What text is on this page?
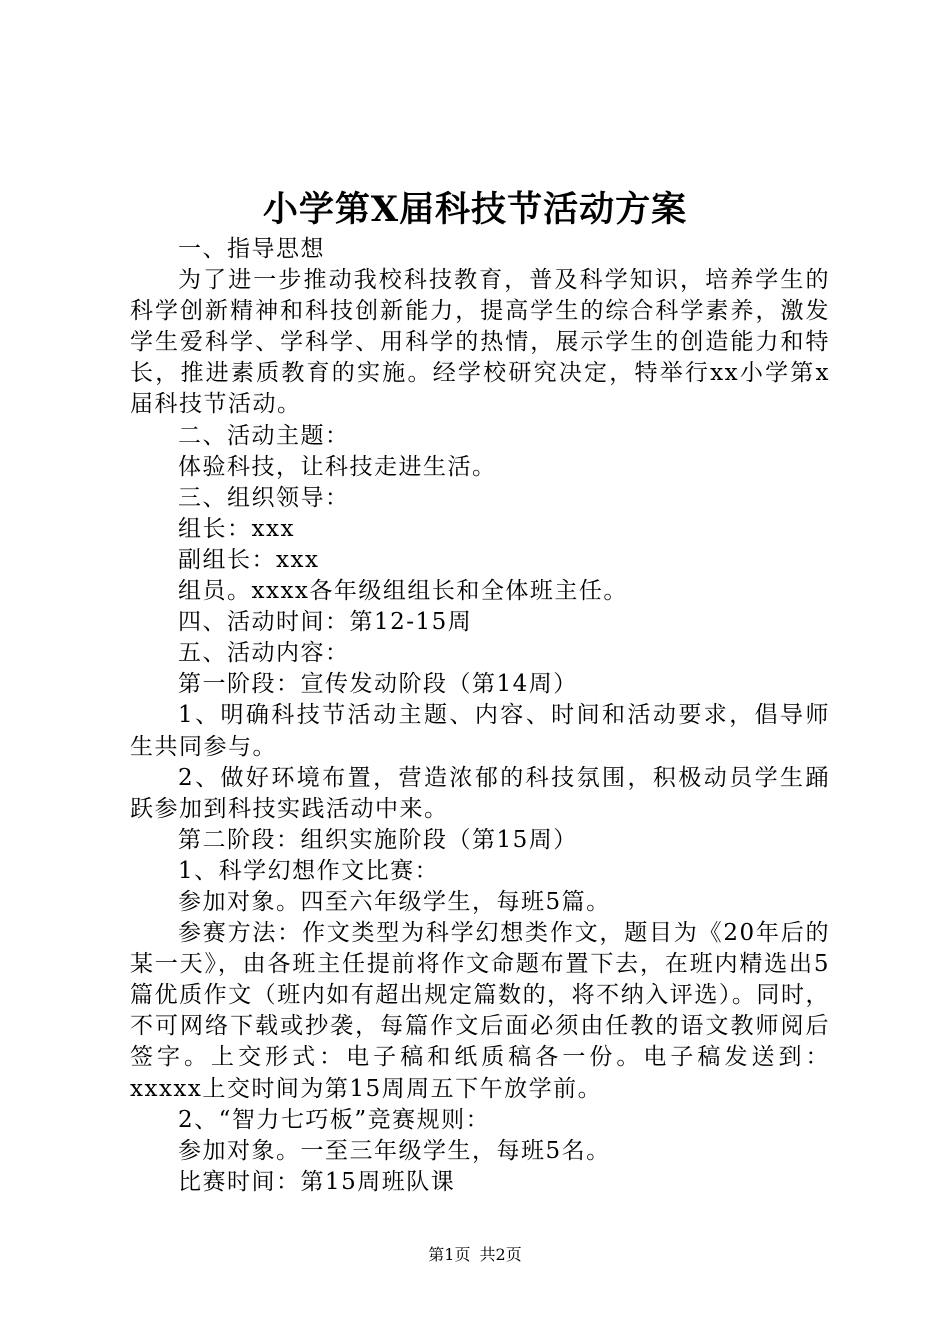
小学第X届科技节活动方案

一、指导思想

为了进一步推动我校科技教育，普及科学知识，培养学生的科学创新精神和科技创新能力，提高学生的综合科学素养，激发学生爱科学、学科学、用科学的热情，展示学生的创造能力和特长，推进素质教育的实施。经学校研究决定，特举行xx小学第x届科技节活动。

二、活动主题：

体验科技，让科技走进生活。

三、组织领导：

组长：xxx

副组长：xxx

组员。xxxx各年级组组长和全体班主任。

四、活动时间：第12-15周

五、活动内容：

第一阶段：宣传发动阶段（第14周）

1、明确科技节活动主题、内容、时间和活动要求，倡导师生共同参与。

2、做好环境布置，营造浓郁的科技氛围，积极动员学生踊跃参加到科技实践活动中来。

第二阶段：组织实施阶段（第15周）

1、科学幻想作文比赛：

参加对象。四至六年级学生，每班5篇。

参赛方法：作文类型为科学幻想类作文，题目为《20年后的某一天》，由各班主任提前将作文命题布置下去，在班内精选出5篇优质作文（班内如有超出规定篇数的，将不纳入评选）。同时，不可网络下载或抄袭，每篇作文后面必须由任教的语文教师阅后签字。上交形式：电子稿和纸质稿各一份。电子稿发送到：xxxxx上交时间为第15周周五下午放学前。

2、“智力七巧板”竞赛规则：

参加对象。一至三年级学生，每班5名。

比赛时间：第15周班队课

第1页 共2页
